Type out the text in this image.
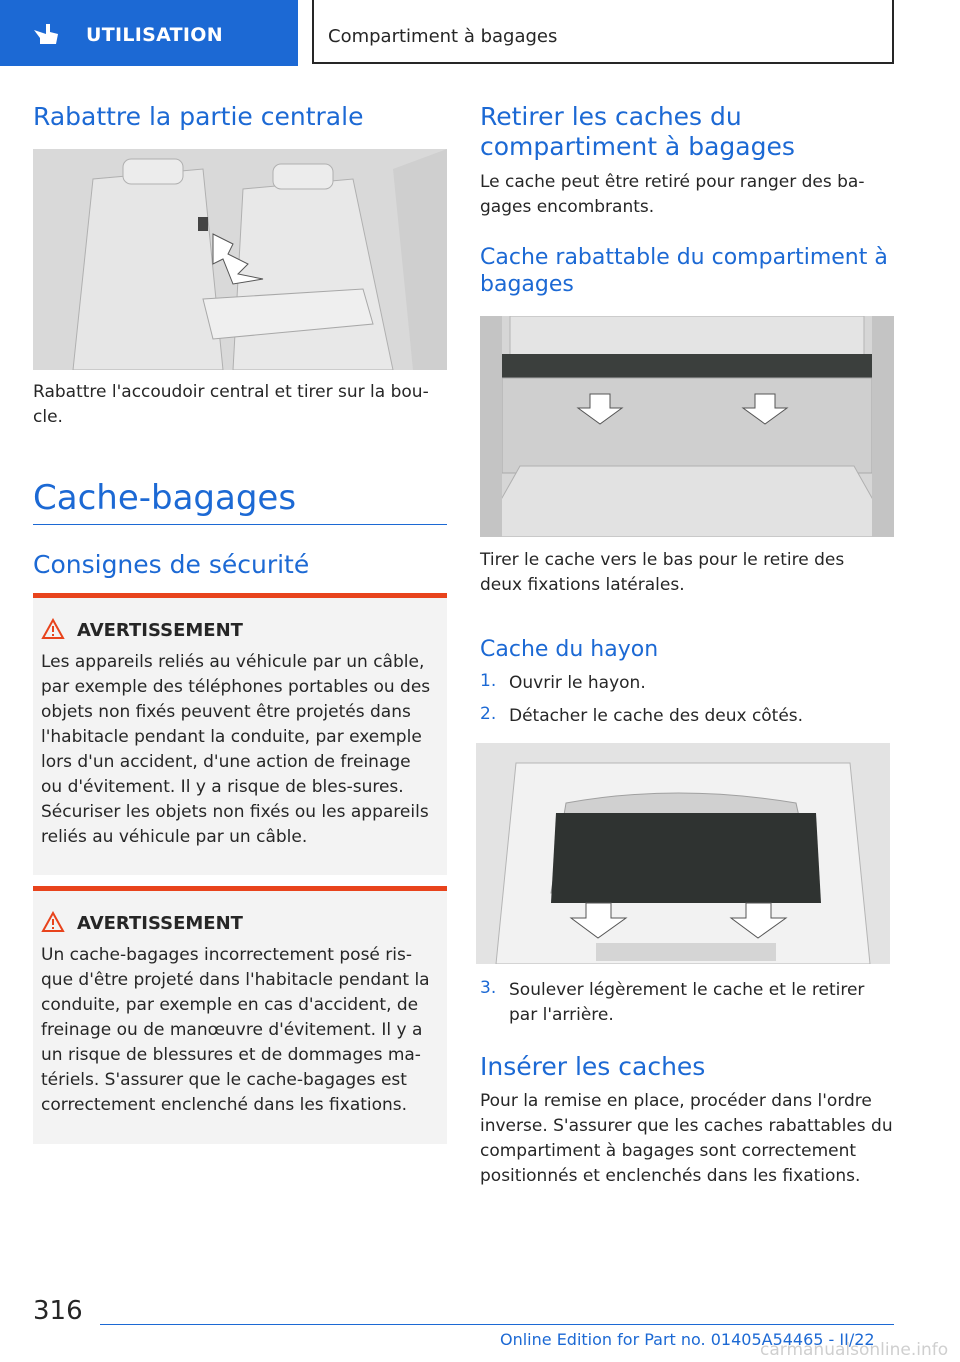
UTILISATION	Compartiment à bagages
Rabattre la partie centrale

Rabattre l'accoudoir central et tirer sur la bou-cle.

Cache-bagages
Consignes de sécurité
AVERTISSEMENT

Les appareils reliés au véhicule par un câble, par exemple des téléphones portables ou des objets non fixés peuvent être projetés dans l'habitacle pendant la conduite, par exemple lors d'un accident, d'une action de freinage ou d'évitement. Il y a risque de bles-sures. Sécuriser les objets non fixés ou les appareils reliés au véhicule par un câble.

AVERTISSEMENT

Un cache-bagages incorrectement posé ris-que d'être projeté dans l'habitacle pendant la conduite, par exemple en cas d'accident, de freinage ou de manœuvre d'évitement. Il y a un risque de blessures et de dommages ma-tériels. S'assurer que le cache-bagages est correctement enclenché dans les fixations.

Retirer les caches du compartiment à bagages

Le cache peut être retiré pour ranger des ba-gages encombrants.

Cache rabattable du compartiment à bagages

Tirer le cache vers le bas pour le retire des deux fixations latérales.

Cache du hayon
1. Ouvrir le hayon.
2. Détacher le cache des deux côtés.
3. Soulever légèrement le cache et le retirer par l'arrière.
Insérer les caches

Pour la remise en place, procéder dans l'ordre inverse. S'assurer que les caches rabattables du compartiment à bagages sont correctement positionnés et enclenchés dans les fixations.

316
Online Edition for Part no. 01405A54465 - II/22
carmanualsonline.info
